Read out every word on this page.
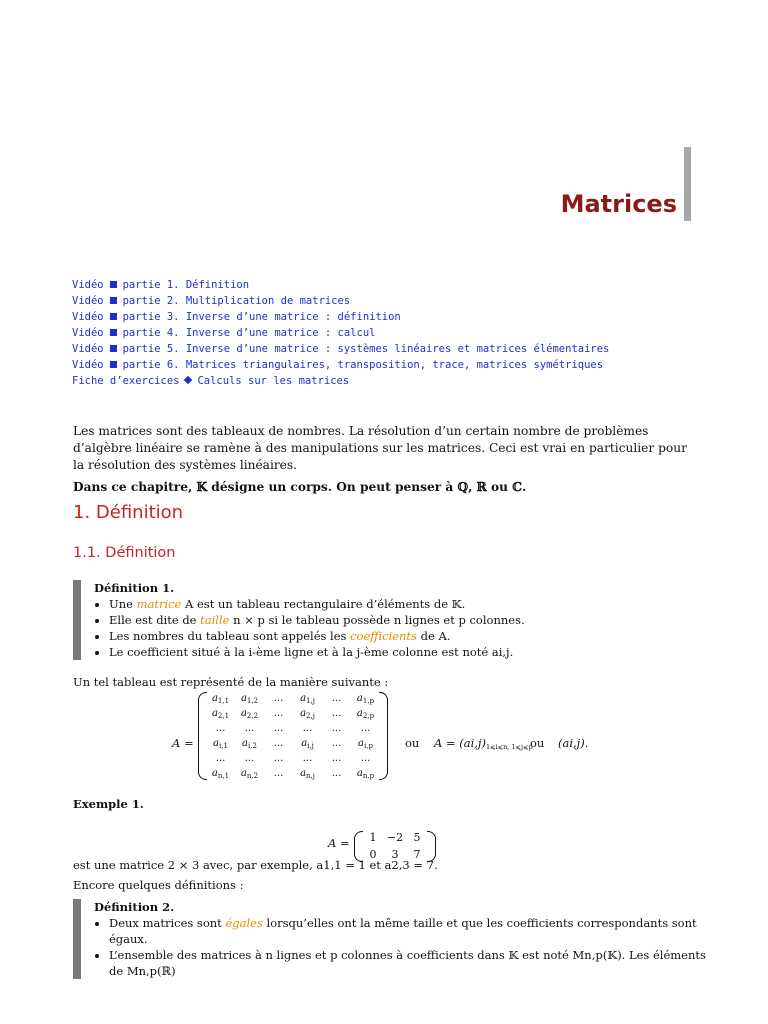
Matrices
Vidéo partie 1. Définition
Vidéo partie 2. Multiplication de matrices
Vidéo partie 3. Inverse d’une matrice : définition
Vidéo partie 4. Inverse d’une matrice : calcul
Vidéo partie 5. Inverse d’une matrice : systèmes linéaires et matrices élémentaires
Vidéo partie 6. Matrices triangulaires, transposition, trace, matrices symétriques
Fiche d’exercices Calculs sur les matrices
Les matrices sont des tableaux de nombres. La résolution d’un certain nombre de problèmes d’algèbre linéaire se ramène à des manipulations sur les matrices. Ceci est vrai en particulier pour la résolution des systèmes linéaires.
Dans ce chapitre, 𝕂 désigne un corps. On peut penser à ℚ, ℝ ou ℂ.
1. Définition
1.1. Définition
Définition 1.
• Une matrice A est un tableau rectangulaire d’éléments de 𝕂.
• Elle est dite de taille n × p si le tableau possède n lignes et p colonnes.
• Les nombres du tableau sont appelés les coefficients de A.
• Le coefficient situé à la i-ème ligne et à la j-ème colonne est noté ai,j.
Un tel tableau est représenté de la manière suivante :
A =
$a_{1,1}$	$a_{1,2}$	...	$a_{1,j}$	...	$a_{1,p}$
$a_{2,1}$	$a_{2,2}$	...	$a_{2,j}$	...	$a_{2,p}$
...	...	...	...	...	...
$a_{i,1}$	$a_{i,2}$	...	$a_{i,j}$	...	$a_{i,p}$
...	...	...	...	...	...
$a_{n,1}$	$a_{n,2}$	...	$a_{n,j}$	...	$a_{n,p}$
ou $A = (ai,j)_{1⩽i⩽n, 1⩽j⩽p}$
ou (ai,j).
Exemple 1.
A =	1 −2 5
0	3	7
est une matrice 2 × 3 avec, par exemple, a1,1 = 1 et a2,3 = 7.
Encore quelques définitions :
Définition 2.
• Deux matrices sont égales lorsqu’elles ont la même taille et que les coefficients correspondants sont égaux.
• L’ensemble des matrices à n lignes et p colonnes à coefficients dans 𝕂 est noté Mn,p(𝕂). Les éléments de Mn,p(ℝ)
